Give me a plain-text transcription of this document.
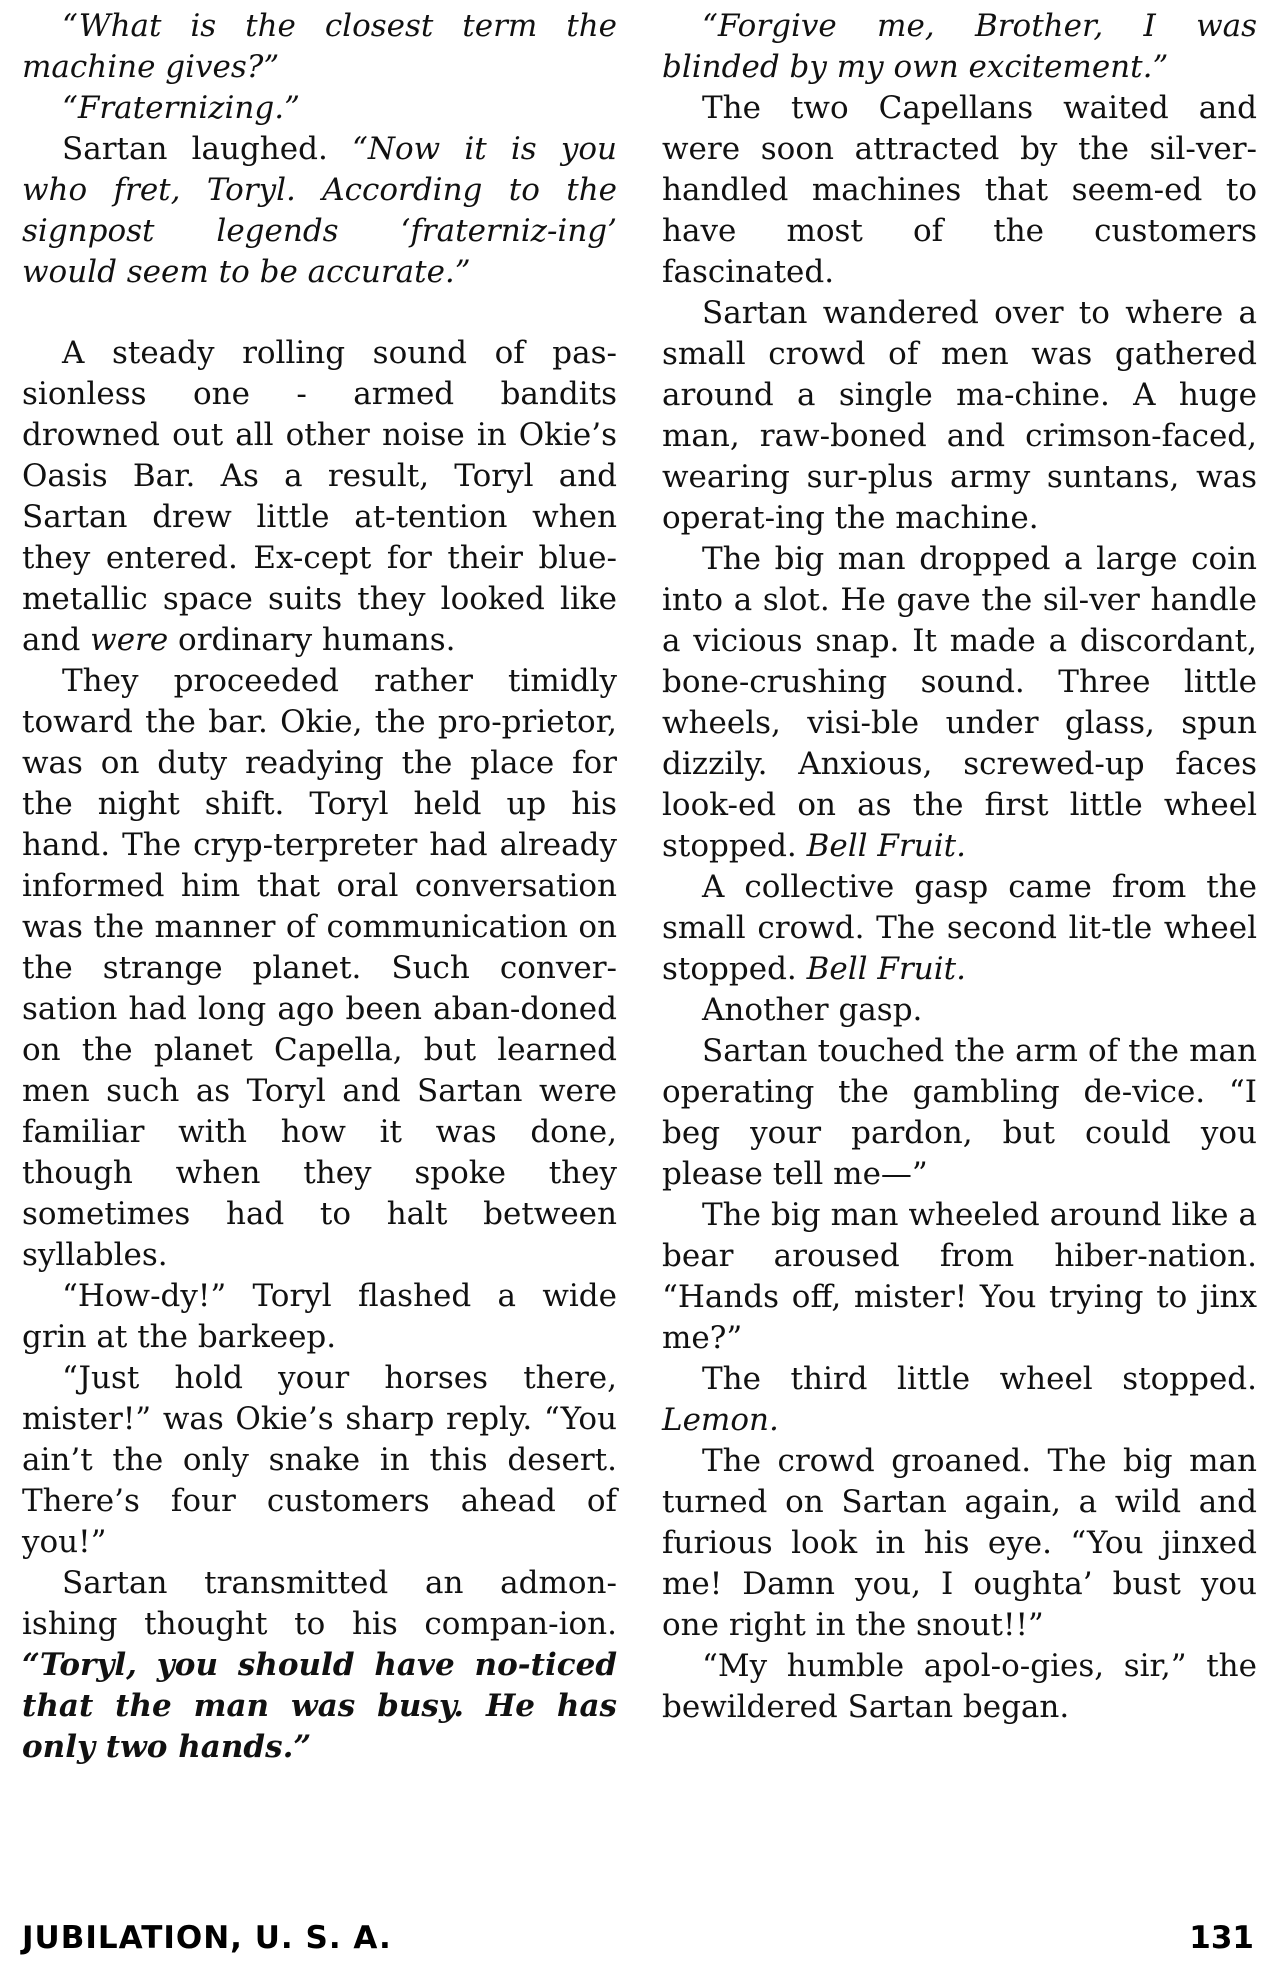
“What is the closest term the machine gives?”

“Fraternizing.”

Sartan laughed. “Now it is you who fret, Toryl. According to the signpost legends ‘fraterniz-ing’ would seem to be accurate.”

A steady rolling sound of pas-sionless one - armed bandits drowned out all other noise in Okie’s Oasis Bar. As a result, Toryl and Sartan drew little at-tention when they entered. Ex-cept for their blue-metallic space suits they looked like and were ordinary humans.

They proceeded rather timidly toward the bar. Okie, the pro-prietor, was on duty readying the place for the night shift. Toryl held up his hand. The cryp-terpreter had already informed him that oral conversation was the manner of communication on the strange planet. Such conver-sation had long ago been aban-doned on the planet Capella, but learned men such as Toryl and Sartan were familiar with how it was done, though when they spoke they sometimes had to halt between syllables.

“How-dy!” Toryl flashed a wide grin at the barkeep.

“Just hold your horses there, mister!” was Okie’s sharp reply. “You ain’t the only snake in this desert. There’s four customers ahead of you!”

Sartan transmitted an admon-ishing thought to his compan-ion. “Toryl, you should have no-ticed that the man was busy. He has only two hands.”

“Forgive me, Brother, I was blinded by my own excitement.”

The two Capellans waited and were soon attracted by the sil-ver-handled machines that seem-ed to have most of the customers fascinated.

Sartan wandered over to where a small crowd of men was gathered around a single ma-chine. A huge man, raw-boned and crimson-faced, wearing sur-plus army suntans, was operat-ing the machine.

The big man dropped a large coin into a slot. He gave the sil-ver handle a vicious snap. It made a discordant, bone-crushing sound. Three little wheels, visi-ble under glass, spun dizzily. Anxious, screwed-up faces look-ed on as the first little wheel stopped. Bell Fruit.

A collective gasp came from the small crowd. The second lit-tle wheel stopped. Bell Fruit.

Another gasp.

Sartan touched the arm of the man operating the gambling de-vice. “I beg your pardon, but could you please tell me—”

The big man wheeled around like a bear aroused from hiber-nation. “Hands off, mister! You trying to jinx me?”

The third little wheel stopped. Lemon.

The crowd groaned. The big man turned on Sartan again, a wild and furious look in his eye. “You jinxed me! Damn you, I oughta’ bust you one right in the snout!!”

“My humble apol-o-gies, sir,” the bewildered Sartan began.

JUBILATION, U. S. A.	131
